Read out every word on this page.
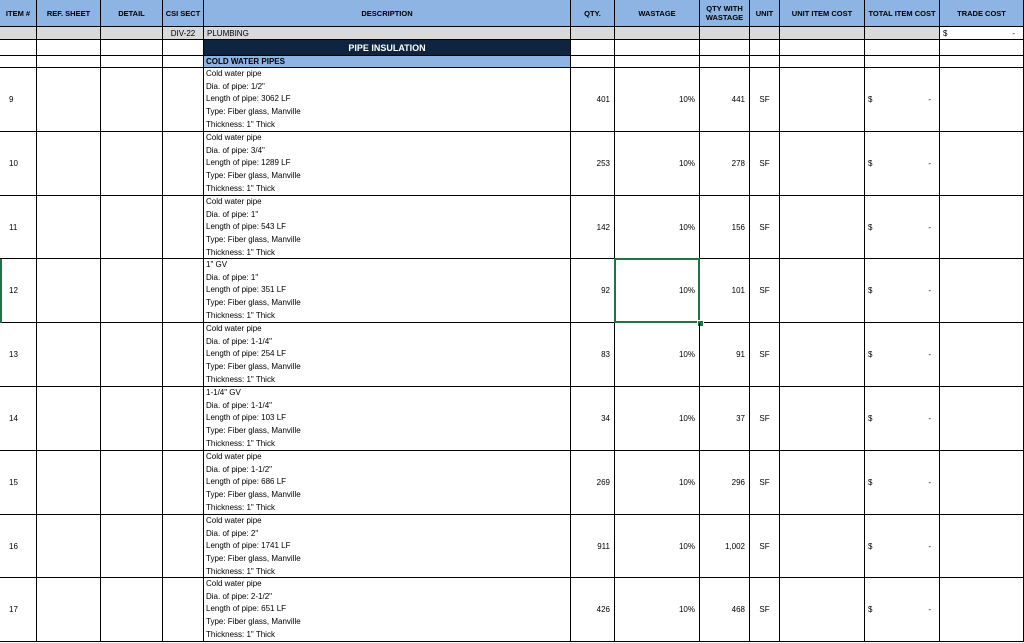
ITEM #	REF. SHEET	DETAIL	CSI SECT	DESCRIPTION	QTY.	WASTAGE	QTY WITH WASTAGE	UNIT	UNIT ITEM COST	TOTAL ITEM COST	TRADE COST
DIV-22	PLUMBING	$	-
PIPE INSULATION
COLD WATER PIPES
9
Cold water pipe
Dia. of pipe: 1/2"
Length of pipe: 3062 LF
Type: Fiber glass, Manville
Thickness: 1" Thick
401	10%	441	SF	$	-
10
Cold water pipe
Dia. of pipe: 3/4"
Length of pipe: 1289 LF
Type: Fiber glass, Manville
Thickness: 1" Thick
253	10%	278	SF	$	-
11
Cold water pipe
Dia. of pipe: 1"
Length of pipe: 543 LF
Type: Fiber glass, Manville
Thickness: 1" Thick
142	10%	156	SF	$	-
12
1" GV
Dia. of pipe: 1"
Length of pipe: 351 LF
Type: Fiber glass, Manville
Thickness: 1" Thick
92	10%	101	SF	$	-
13
Cold water pipe
Dia. of pipe: 1-1/4"
Length of pipe: 254 LF
Type: Fiber glass, Manville
Thickness: 1" Thick
83	10%	91	SF	$	-
14
1-1/4" GV
Dia. of pipe: 1-1/4"
Length of pipe: 103 LF
Type: Fiber glass, Manville
Thickness: 1" Thick
34	10%	37	SF	$	-
15
Cold water pipe
Dia. of pipe: 1-1/2"
Length of pipe: 686 LF
Type: Fiber glass, Manville
Thickness: 1" Thick
269	10%	296	SF	$	-
16
Cold water pipe
Dia. of pipe: 2"
Length of pipe: 1741 LF
Type: Fiber glass, Manville
Thickness: 1" Thick
911	10%	1,002	SF	$	-
17
Cold water pipe
Dia. of pipe: 2-1/2"
Length of pipe: 651 LF
Type: Fiber glass, Manville
Thickness: 1" Thick
426	10%	468	SF	$	-
